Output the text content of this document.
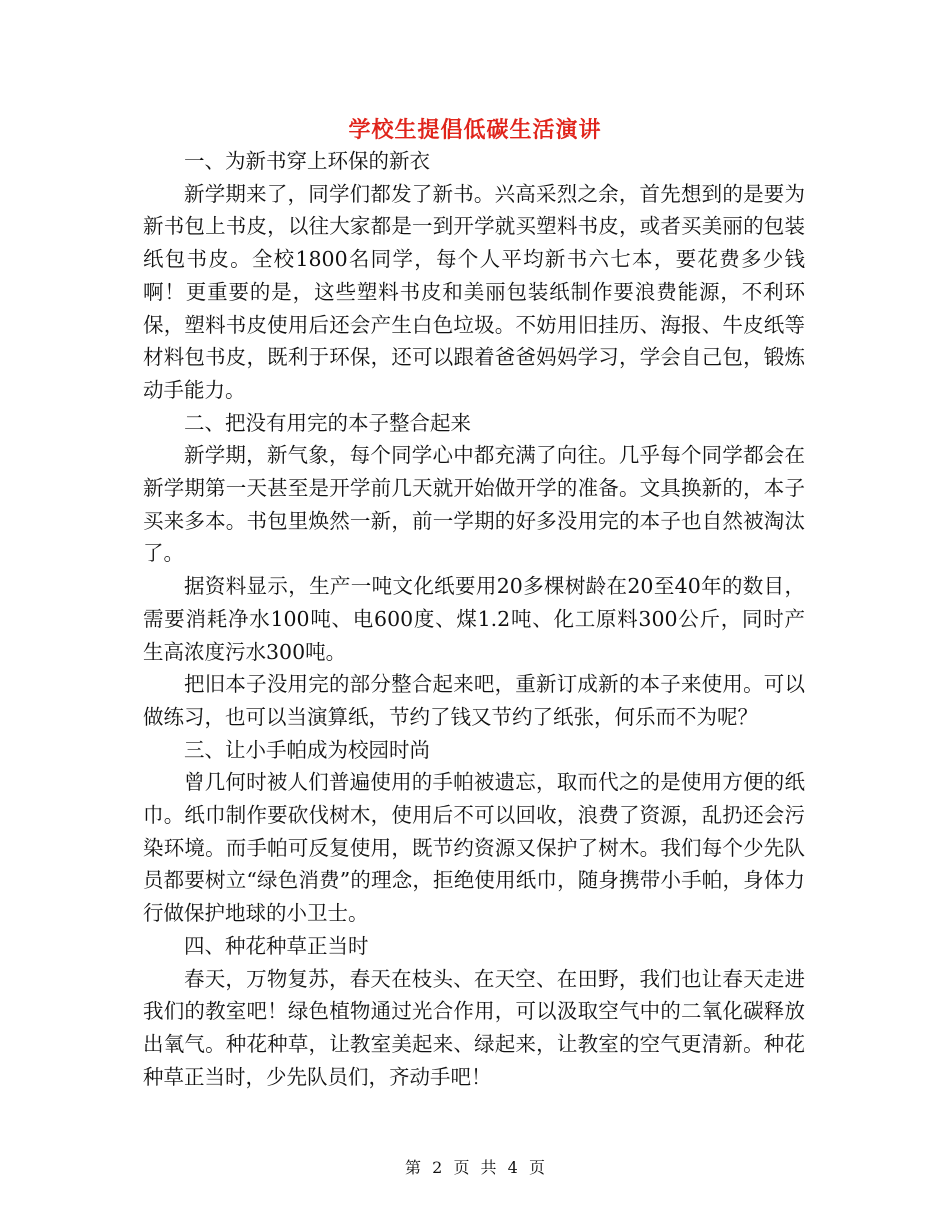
学校生提倡低碳生活演讲

一、为新书穿上环保的新衣

新学期来了，同学们都发了新书。兴高采烈之余，首先想到的是要为新书包上书皮，以往大家都是一到开学就买塑料书皮，或者买美丽的包装纸包书皮。全校1800名同学，每个人平均新书六七本，要花费多少钱啊！更重要的是，这些塑料书皮和美丽包装纸制作要浪费能源，不利环保，塑料书皮使用后还会产生白色垃圾。不妨用旧挂历、海报、牛皮纸等材料包书皮，既利于环保，还可以跟着爸爸妈妈学习，学会自己包，锻炼动手能力。

二、把没有用完的本子整合起来

新学期，新气象，每个同学心中都充满了向往。几乎每个同学都会在新学期第一天甚至是开学前几天就开始做开学的准备。文具换新的，本子买来多本。书包里焕然一新，前一学期的好多没用完的本子也自然被淘汰了。

据资料显示，生产一吨文化纸要用20多棵树龄在20至40年的数目，需要消耗净水100吨、电600度、煤1.2吨、化工原料300公斤，同时产生高浓度污水300吨。

把旧本子没用完的部分整合起来吧，重新订成新的本子来使用。可以做练习，也可以当演算纸，节约了钱又节约了纸张，何乐而不为呢？

三、让小手帕成为校园时尚

曾几何时被人们普遍使用的手帕被遗忘，取而代之的是使用方便的纸巾。纸巾制作要砍伐树木，使用后不可以回收，浪费了资源，乱扔还会污染环境。而手帕可反复使用，既节约资源又保护了树木。我们每个少先队员都要树立“绿色消费”的理念，拒绝使用纸巾，随身携带小手帕，身体力行做保护地球的小卫士。

四、种花种草正当时

春天，万物复苏，春天在枝头、在天空、在田野，我们也让春天走进我们的教室吧！绿色植物通过光合作用，可以汲取空气中的二氧化碳释放出氧气。种花种草，让教室美起来、绿起来，让教室的空气更清新。种花种草正当时，少先队员们，齐动手吧！

第 2 页 共 4 页
